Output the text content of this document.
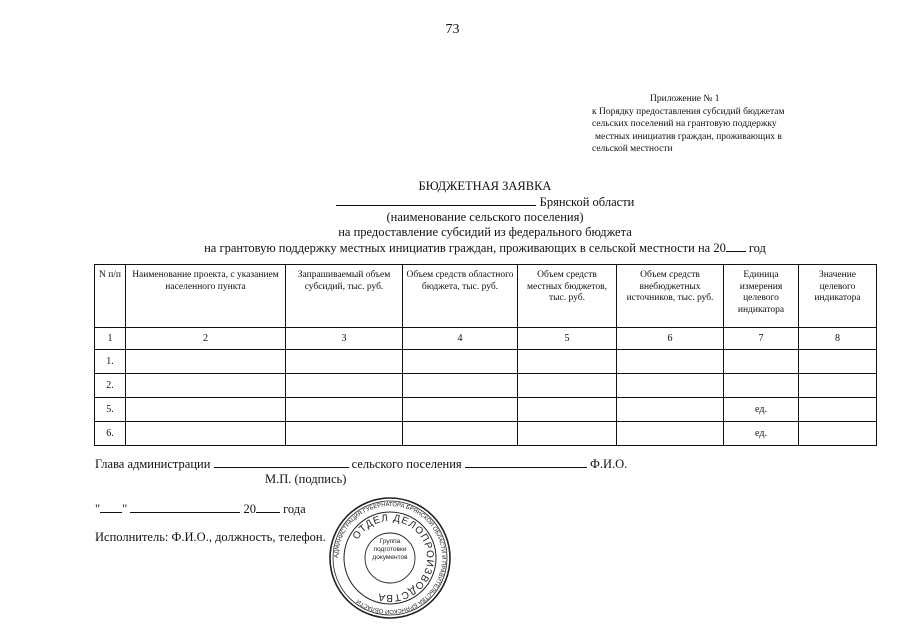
73
Приложение № 1
к Порядку предоставления субсидий бюджетам
сельских поселений на грантовую поддержку
местных инициатив граждан, проживающих в
сельской местности
БЮДЖЕТНАЯ ЗАЯВКА
Брянской области
(наименование сельского поселения)
на предоставление субсидий из федерального бюджета
на грантовую поддержку местных инициатив граждан, проживающих в сельской местности на 20 год
N п/п	Наименование проекта, с указанием населенного пункта	Запрашиваемый объем субсидий, тыс. руб.	Объем средств областного бюджета, тыс. руб.	Объем средств местных бюджетов, тыс. руб.	Объем средств внебюджетных источников, тыс. руб.	Единица измерения целевого индикатора	Значение целевого индикатора
1	2	3	4	5	6	7	8
1.							
2.							
5.						ед.	
6.						ед.	
Глава администрации	сельского поселения	Ф.И.О.
М.П. (подпись)
" "	20 года
Исполнитель: Ф.И.О., должность, телефон.
АДМИНИСТРАЦИЯ ГУБЕРНАТОРА БРЯНСКОЙ ОБЛАСТИ И ПРАВИТЕЛЬСТВА БРЯНСКОЙ ОБЛАСТИ
ОТДЕЛ ДЕЛОПРОИЗВОДСТВА
Группа
подготовки
документов
